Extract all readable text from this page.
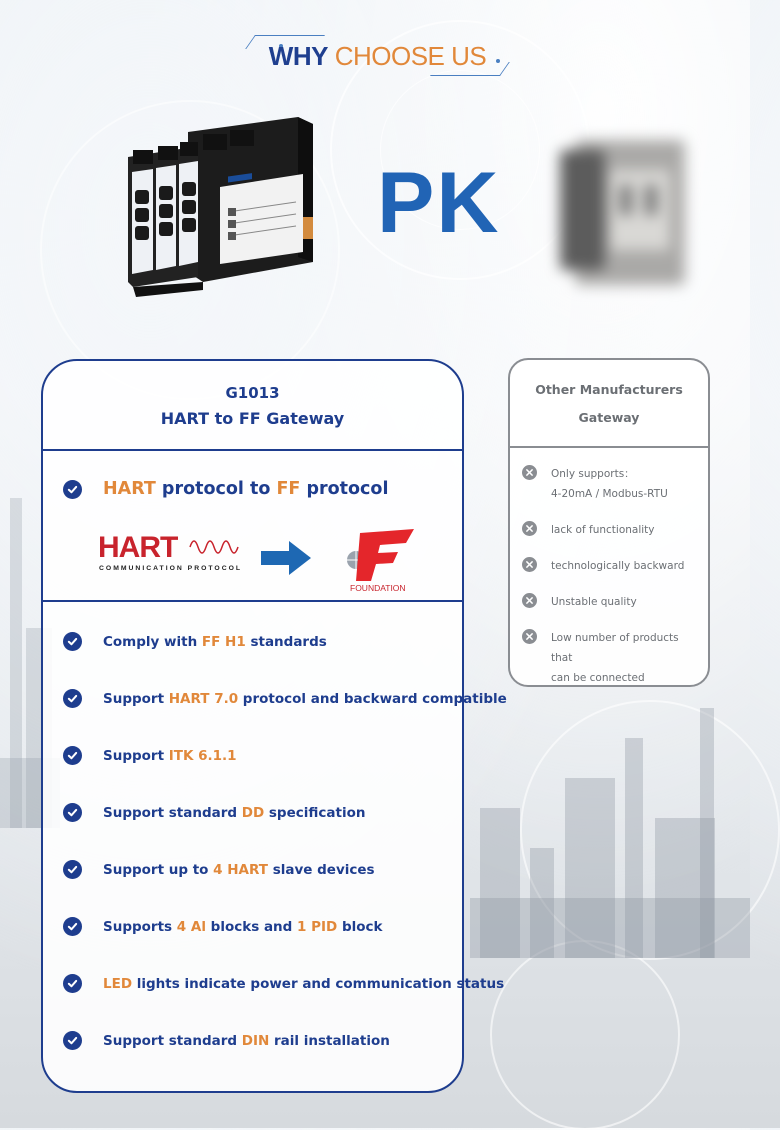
WHY CHOOSE US
PK
G1013
HART to FF Gateway
HART protocol to FF protocol
HART
COMMUNICATION PROTOCOL
FOUNDATION
Comply with FF H1 standards
Support HART 7.0 protocol and backward compatible
Support ITK 6.1.1
Support standard DD specification
Support up to 4 HART slave devices
Supports 4 Al blocks and 1 PID block
LED lights indicate power and communication status
Support standard DIN rail installation
Other Manufacturers
Gateway
Only supports：
4-20mA / Modbus-RTU
lack of functionality
technologically backward
Unstable quality
Low number of products that
can be connected
